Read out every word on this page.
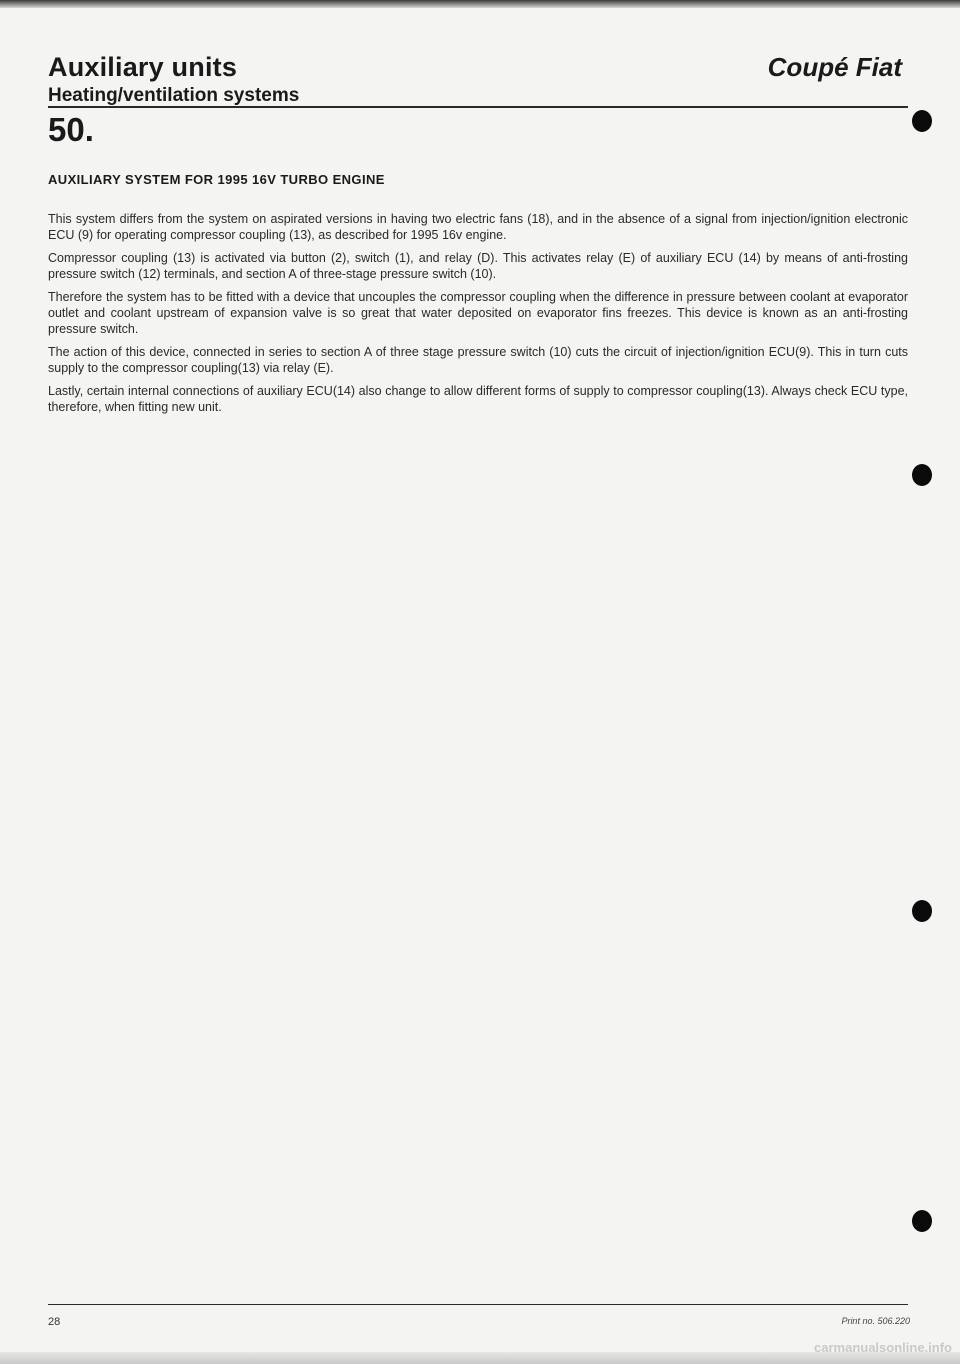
Auxiliary units
Heating/ventilation systems
Coupé Fiat
50.
AUXILIARY SYSTEM FOR 1995 16V TURBO ENGINE

This system differs from the system on aspirated versions in having two electric fans (18), and in the absence of a signal from injection/ignition electronic ECU (9) for operating compressor coupling (13), as described for 1995 16v engine.

Compressor coupling (13) is activated via button (2), switch (1), and relay (D). This activates relay (E) of auxiliary ECU (14) by means of anti-frosting pressure switch (12) terminals, and section A of three-stage pressure switch (10).

Therefore the system has to be fitted with a device that uncouples the compressor coupling when the difference in pressure between coolant at evaporator outlet and coolant upstream of expansion valve is so great that water deposited on evaporator fins freezes. This device is known as an anti-frosting pressure switch.

The action of this device, connected in series to section A of three stage pressure switch (10) cuts the circuit of injection/ignition ECU(9). This in turn cuts supply to the compressor coupling(13) via relay (E).

Lastly, certain internal connections of auxiliary ECU(14) also change to allow different forms of supply to compressor coupling(13). Always check ECU type, therefore, when fitting new unit.

28	Print no. 506.220
carmanualsonline.info
